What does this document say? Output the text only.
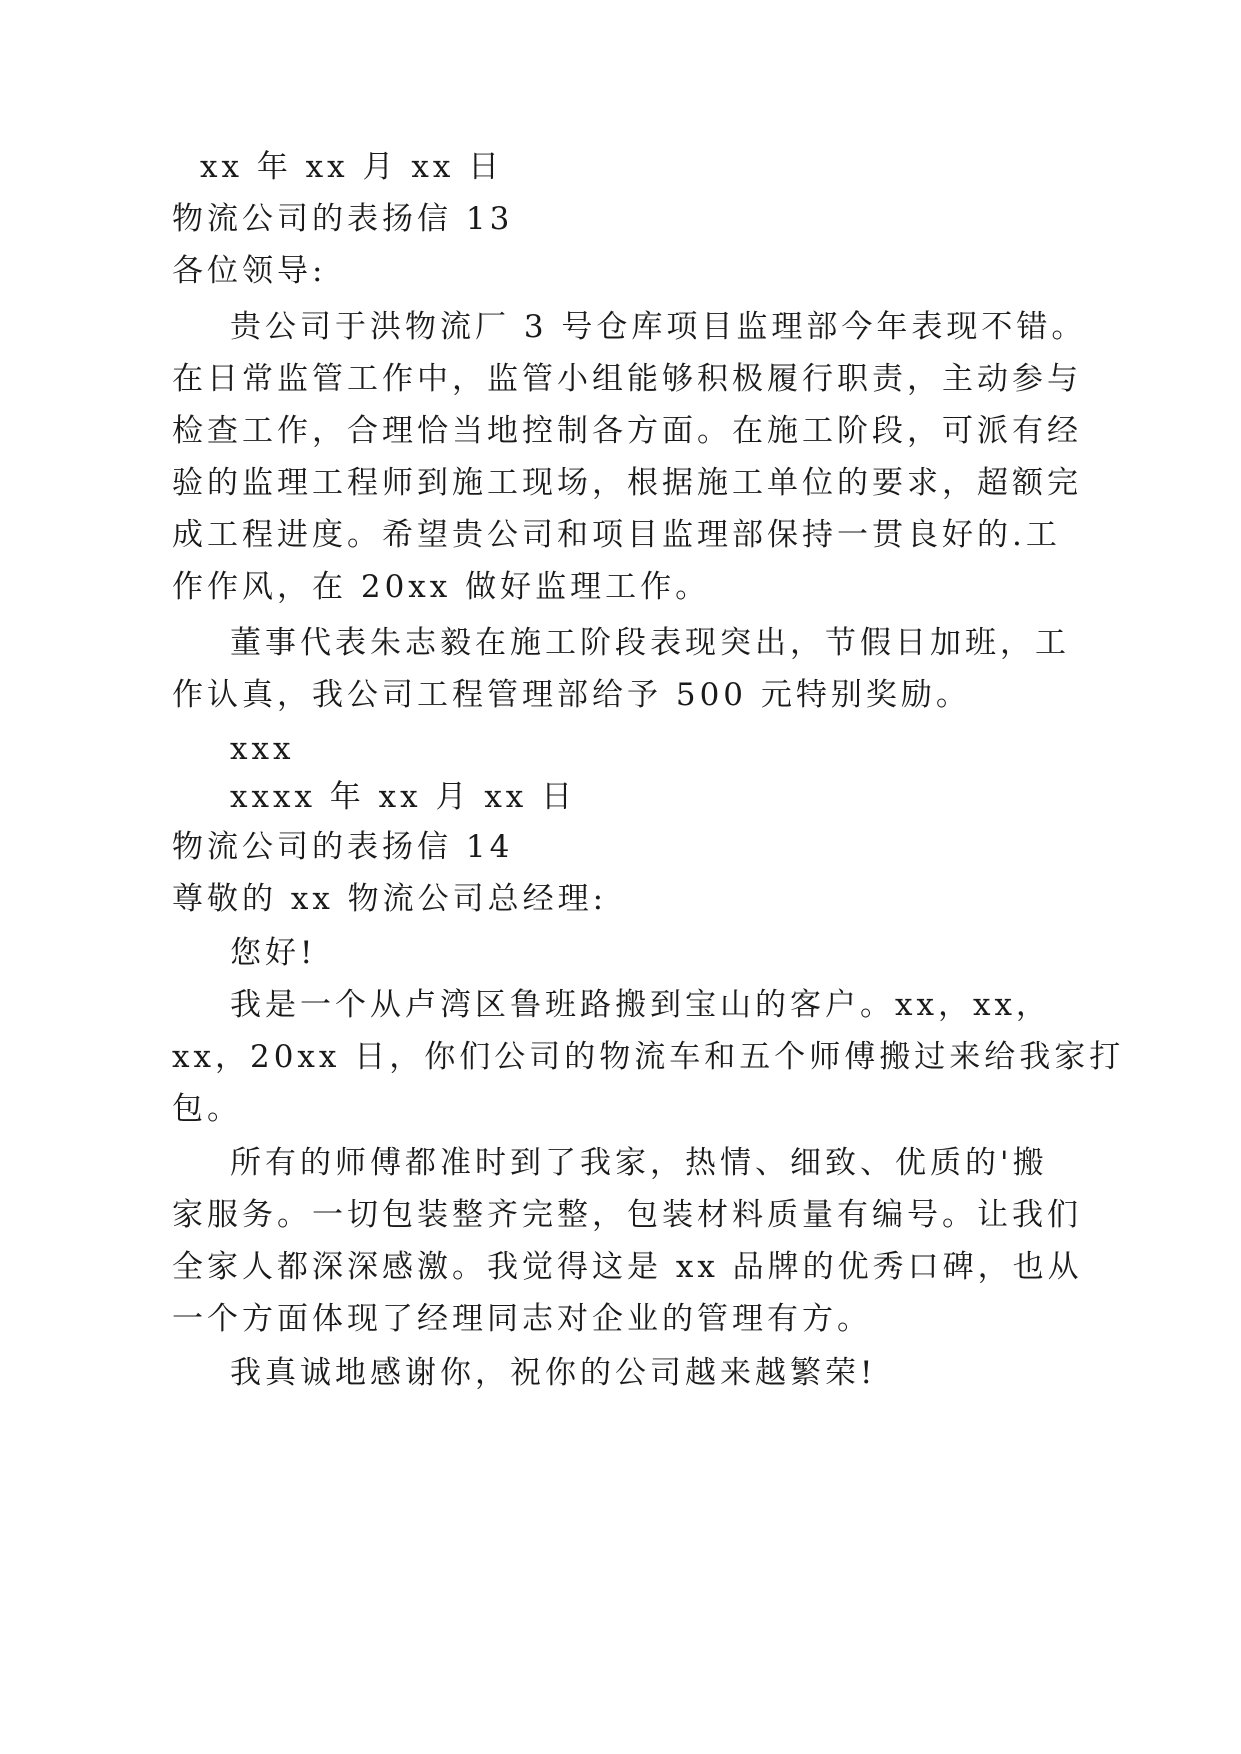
xx 年 xx 月 xx 日
物流公司的表扬信 13
各位领导:
贵公司于洪物流厂 3 号仓库项目监理部今年表现不错。
在日常监管工作中，监管小组能够积极履行职责，主动参与
检查工作，合理恰当地控制各方面。在施工阶段，可派有经
验的监理工程师到施工现场，根据施工单位的要求，超额完
成工程进度。希望贵公司和项目监理部保持一贯良好的.工
作作风，在 20xx 做好监理工作。
董事代表朱志毅在施工阶段表现突出，节假日加班，工
作认真，我公司工程管理部给予 500 元特别奖励。
xxx
xxxx 年 xx 月 xx 日
物流公司的表扬信 14
尊敬的 xx 物流公司总经理:
您好!
我是一个从卢湾区鲁班路搬到宝山的客户。xx，xx，
xx，20xx 日，你们公司的物流车和五个师傅搬过来给我家打
包。
所有的师傅都准时到了我家，热情、细致、优质的'搬
家服务。一切包装整齐完整，包装材料质量有编号。让我们
全家人都深深感激。我觉得这是 xx 品牌的优秀口碑，也从
一个方面体现了经理同志对企业的管理有方。
我真诚地感谢你，祝你的公司越来越繁荣!
